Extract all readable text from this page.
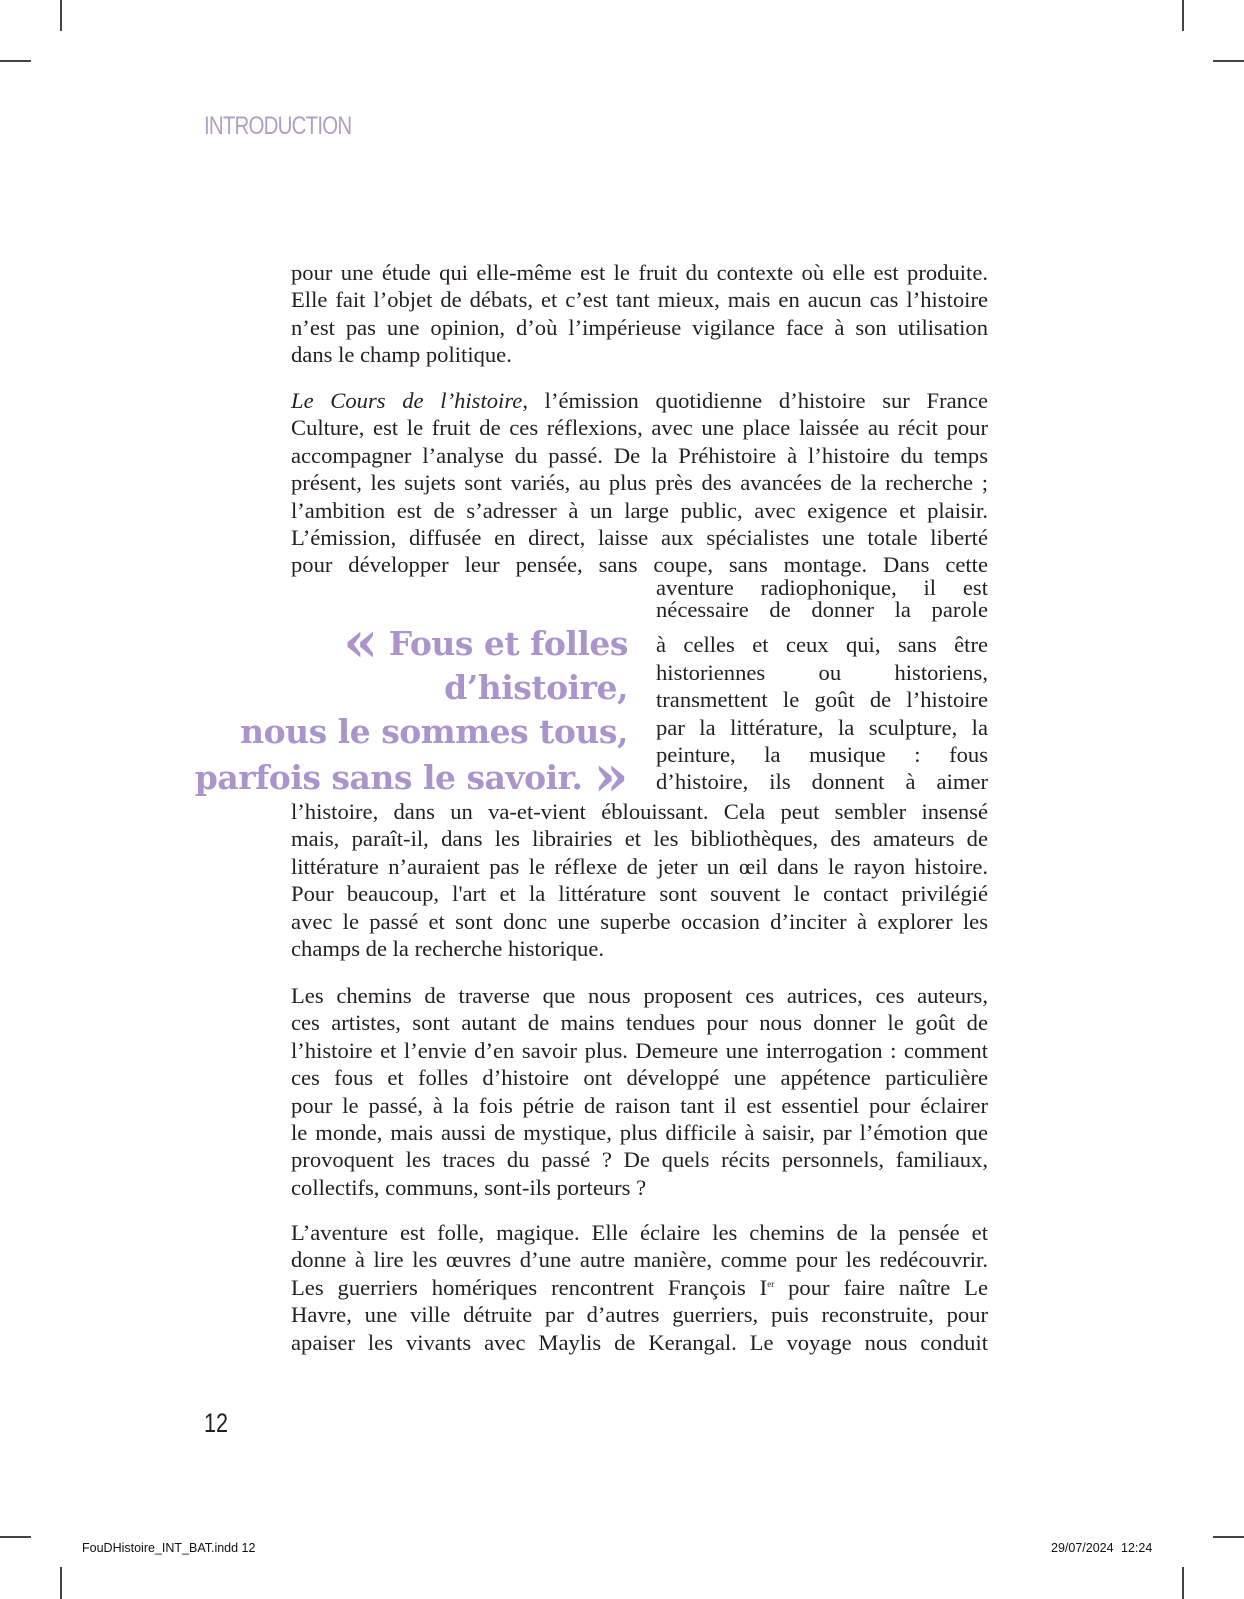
INTRODUCTION
pour une étude qui elle-même est le fruit du contexte où elle est produite.
Elle fait l’objet de débats, et c’est tant mieux, mais en aucun cas l’histoire
n’est pas une opinion, d’où l’impérieuse vigilance face à son utilisation
dans le champ politique.
Le Cours de l’histoire, l’émission quotidienne d’histoire sur France
Culture, est le fruit de ces réflexions, avec une place laissée au récit pour
accompagner l’analyse du passé. De la Préhistoire à l’histoire du temps
présent, les sujets sont variés, au plus près des avancées de la recherche ;
l’ambition est de s’adresser à un large public, avec exigence et plaisir.
L’émission, diffusée en direct, laisse aux spécialistes une totale liberté
pour développer leur pensée, sans coupe, sans montage. Dans cette
aventure radiophonique, il est
nécessaire de donner la parole
à celles et ceux qui, sans être
historiennes ou historiens,
transmettent le goût de l’histoire
par la littérature, la sculpture, la
peinture, la musique : fous
d’histoire, ils donnent à aimer
l’histoire, dans un va-et-vient éblouissant. Cela peut sembler insensé
mais, paraît-il, dans les librairies et les bibliothèques, des amateurs de
littérature n’auraient pas le réflexe de jeter un œil dans le rayon histoire.
Pour beaucoup, l'art et la littérature sont souvent le contact privilégié
avec le passé et sont donc une superbe occasion d’inciter à explorer les
champs de la recherche historique.
« Fous et folles d’histoire,
nous le sommes tous,
parfois sans le savoir. »
Les chemins de traverse que nous proposent ces autrices, ces auteurs,
ces artistes, sont autant de mains tendues pour nous donner le goût de
l’histoire et l’envie d’en savoir plus. Demeure une interrogation : comment
ces fous et folles d’histoire ont développé une appétence particulière
pour le passé, à la fois pétrie de raison tant il est essentiel pour éclairer
le monde, mais aussi de mystique, plus difficile à saisir, par l’émotion que
provoquent les traces du passé ? De quels récits personnels, familiaux,
collectifs, communs, sont-ils porteurs ?
L’aventure est folle, magique. Elle éclaire les chemins de la pensée et
donne à lire les œuvres d’une autre manière, comme pour les redécouvrir.
Les guerriers homériques rencontrent François Ier pour faire naître Le
Havre, une ville détruite par d’autres guerriers, puis reconstruite, pour
apaiser les vivants avec Maylis de Kerangal. Le voyage nous conduit
12
FouDHistoire_INT_BAT.indd 12	29/07/2024 12:24
